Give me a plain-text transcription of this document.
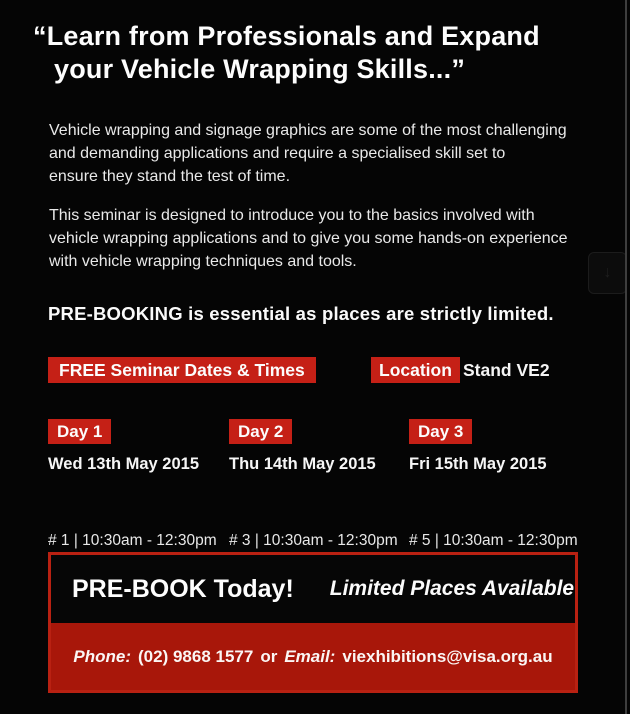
“Learn from Professionals and Expand
your Vehicle Wrapping Skills...”
Vehicle wrapping and signage graphics are some of the most challenging
and demanding applications and require a specialised skill set to
ensure they stand the test of time.
This seminar is designed to introduce you to the basics involved with
vehicle wrapping applications and to give you some hands-on experience
with vehicle wrapping techniques and tools.
PRE-BOOKING is essential as places are strictly limited.
FREE Seminar Dates & Times	Location Stand VE2
Day 1
Wed 13th May 2015

# 1 | 10:30am - 12:30pm

Day 2
Thu 14th May 2015

# 3 | 10:30am - 12:30pm

Day 3
Fri 15th May 2015

# 5 | 10:30am - 12:30pm

PRE-BOOK Today! Limited Places Available
Phone: (02) 9868 1577 or Email: viexhibitions@visa.org.au
↓
